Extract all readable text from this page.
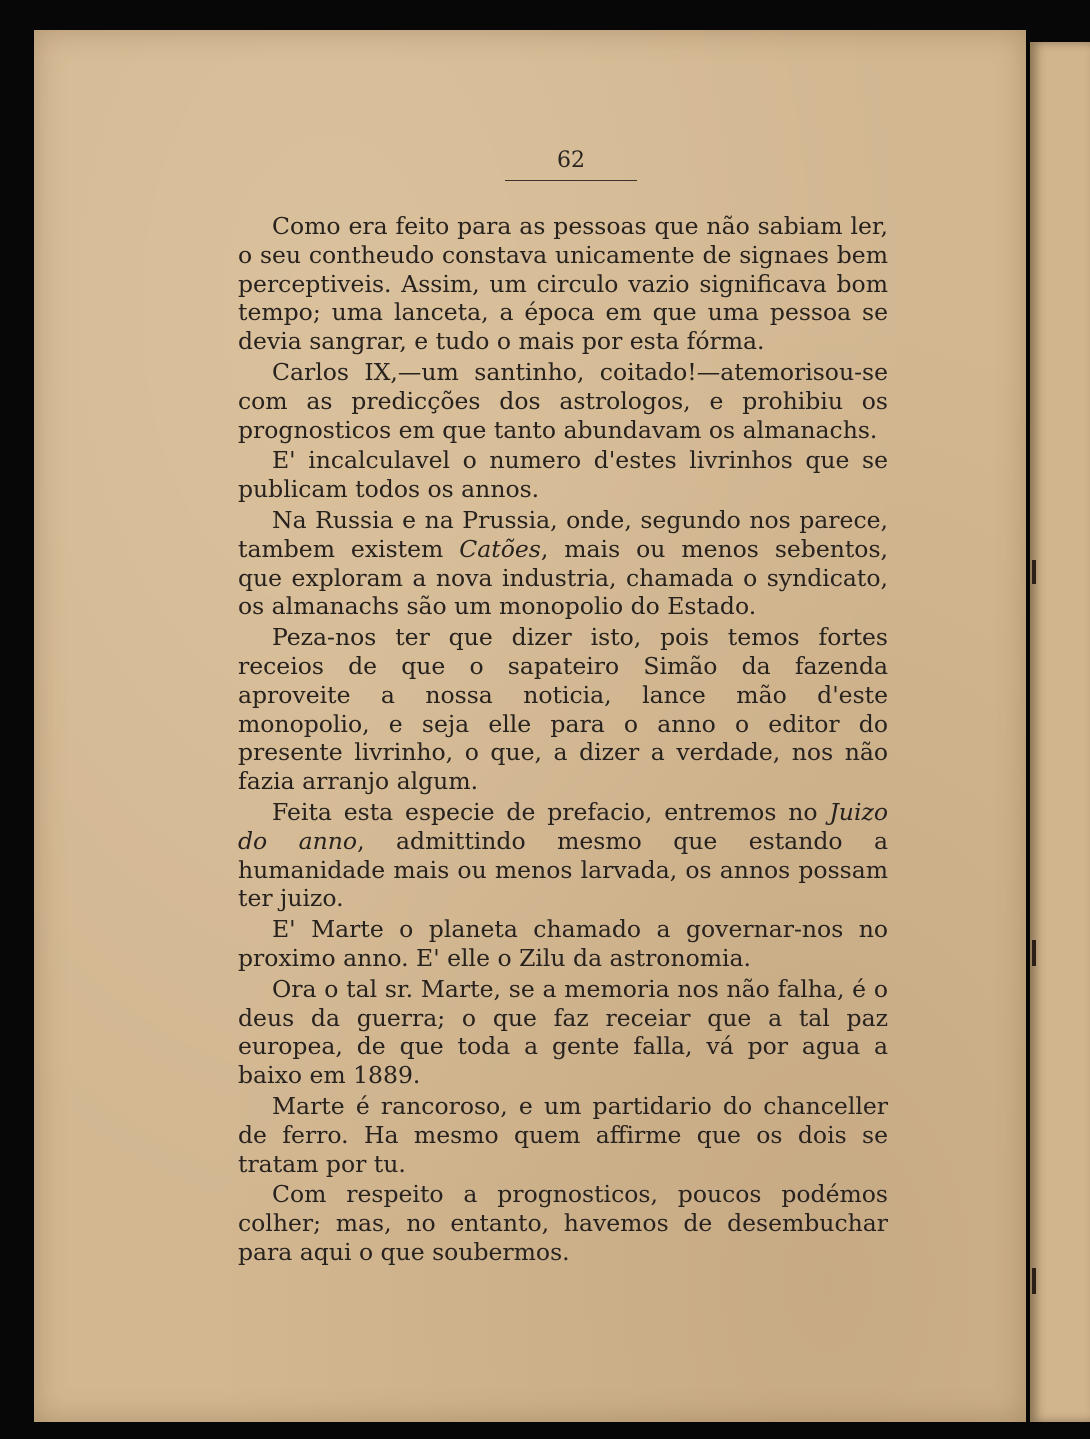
62

Como era feito para as pessoas que não sabiam ler, o seu contheudo constava unicamente de signaes bem perceptiveis. Assim, um circulo vazio significava bom tempo; uma lanceta, a época em que uma pessoa se devia sangrar, e tudo o mais por esta fórma.

Carlos IX,—um santinho, coitado!—atemorisou-se com as predicções dos astrologos, e prohibiu os prognosticos em que tanto abundavam os almanachs.

E' incalculavel o numero d'estes livrinhos que se publicam todos os annos.

Na Russia e na Prussia, onde, segundo nos parece, tambem existem Catões, mais ou menos sebentos, que exploram a nova industria, chamada o syndicato, os almanachs são um monopolio do Estado.

Peza-nos ter que dizer isto, pois temos fortes receios de que o sapateiro Simão da fazenda aproveite a nossa noticia, lance mão d'este monopolio, e seja elle para o anno o editor do presente livrinho, o que, a dizer a verdade, nos não fazia arranjo algum.

Feita esta especie de prefacio, entremos no Juizo do anno, admittindo mesmo que estando a humanidade mais ou menos larvada, os annos possam ter juizo.

E' Marte o planeta chamado a governar-nos no proximo anno. E' elle o Zilu da astronomia.

Ora o tal sr. Marte, se a memoria nos não falha, é o deus da guerra; o que faz receiar que a tal paz europea, de que toda a gente falla, vá por agua a baixo em 1889.

Marte é rancoroso, e um partidario do chanceller de ferro. Ha mesmo quem affirme que os dois se tratam por tu.

Com respeito a prognosticos, poucos podémos colher; mas, no entanto, havemos de desembuchar para aqui o que soubermos.
